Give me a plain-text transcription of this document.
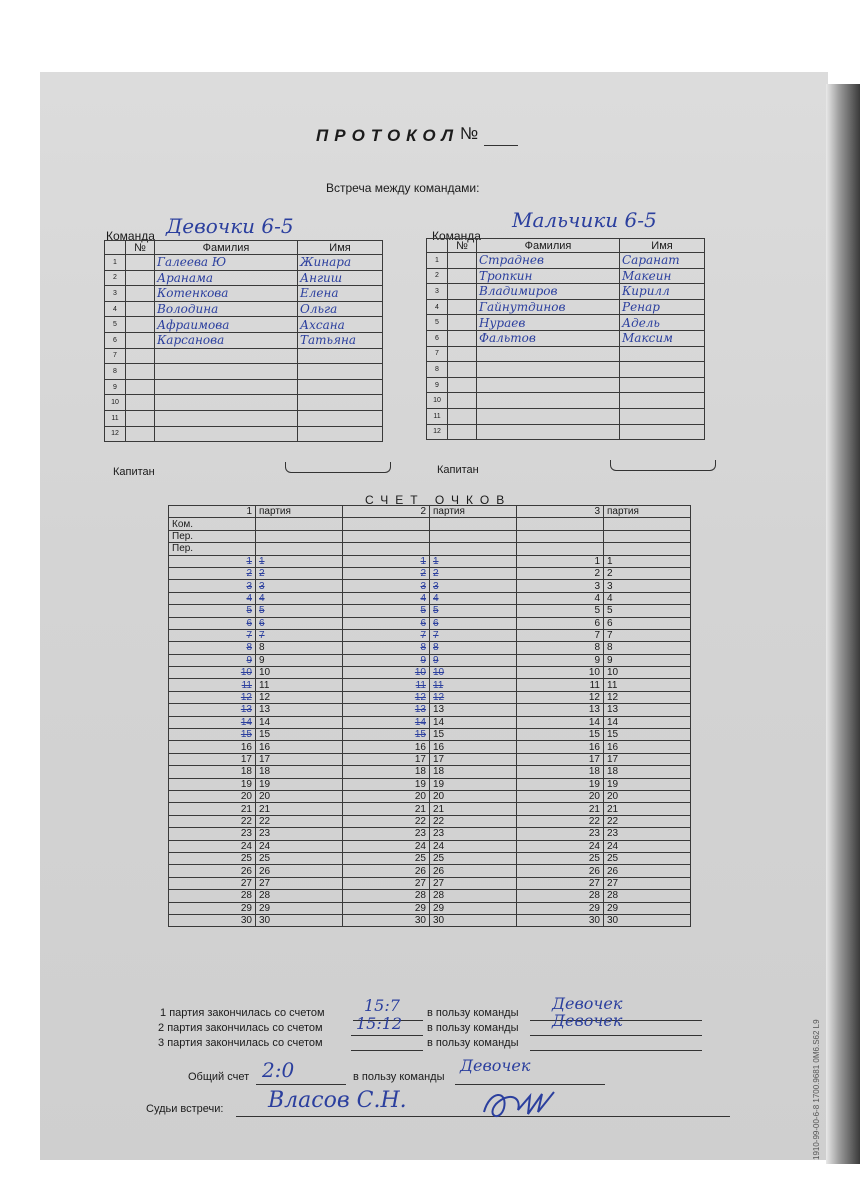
ПРОТОКОЛ №
Встреча между командами:
Команда Девочки 6-5
	№	Фамилия	Имя
1		Галеева Ю	Жинара
2		Аранама	Ангиш
3		Котенкова	Елена
4		Володина	Ольга
5		Афраимова	Ахсана
6		Карсанова	Татьяна
7			
8			
9			
10			
11			
12			
Капитан
Команда
Мальчики 6-5
	№	Фамилия	Имя
1		Страднев	Саранат
2		Тропкин	Макеин
3		Владимиров	Кирилл
4		Гайнутдинов	Ренар
5		Нураев	Адель
6		Фальтов	Максим
7			
8			
9			
10			
11			
12			
Капитан
СЧЕТ ОЧКОВ
1	партия	2	партия	3	партия
Ком.					
Пер.					
Пер.					
1	1	1	1	1	1
2	2	2	2	2	2
3	3	3	3	3	3
4	4	4	4	4	4
5	5	5	5	5	5
6	6	6	6	6	6
7	7	7	7	7	7
8	8	8	8	8	8
9	9	9	9	9	9
10	10	10	10	10	10
11	11	11	11	11	11
12	12	12	12	12	12
13	13	13	13	13	13
14	14	14	14	14	14
15	15	15	15	15	15
16	16	16	16	16	16
17	17	17	17	17	17
18	18	18	18	18	18
19	19	19	19	19	19
20	20	20	20	20	20
21	21	21	21	21	21
22	22	22	22	22	22
23	23	23	23	23	23
24	24	24	24	24	24
25	25	25	25	25	25
26	26	26	26	26	26
27	27	27	27	27	27
28	28	28	28	28	28
29	29	29	29	29	29
30	30	30	30	30	30
1 партия закончилась со счетом 15:7 в пользу команды Девочек
2 партия закончилась со счетом 15:12 в пользу команды Девочек
3 партия закончилась со счетом	в пользу команды
Общий счет 2:0	в пользу команды
Девочек
Судьи встречи: Власов С.Н.	1910-99-00-6-8 1700.9681 0M6.S62 L9
